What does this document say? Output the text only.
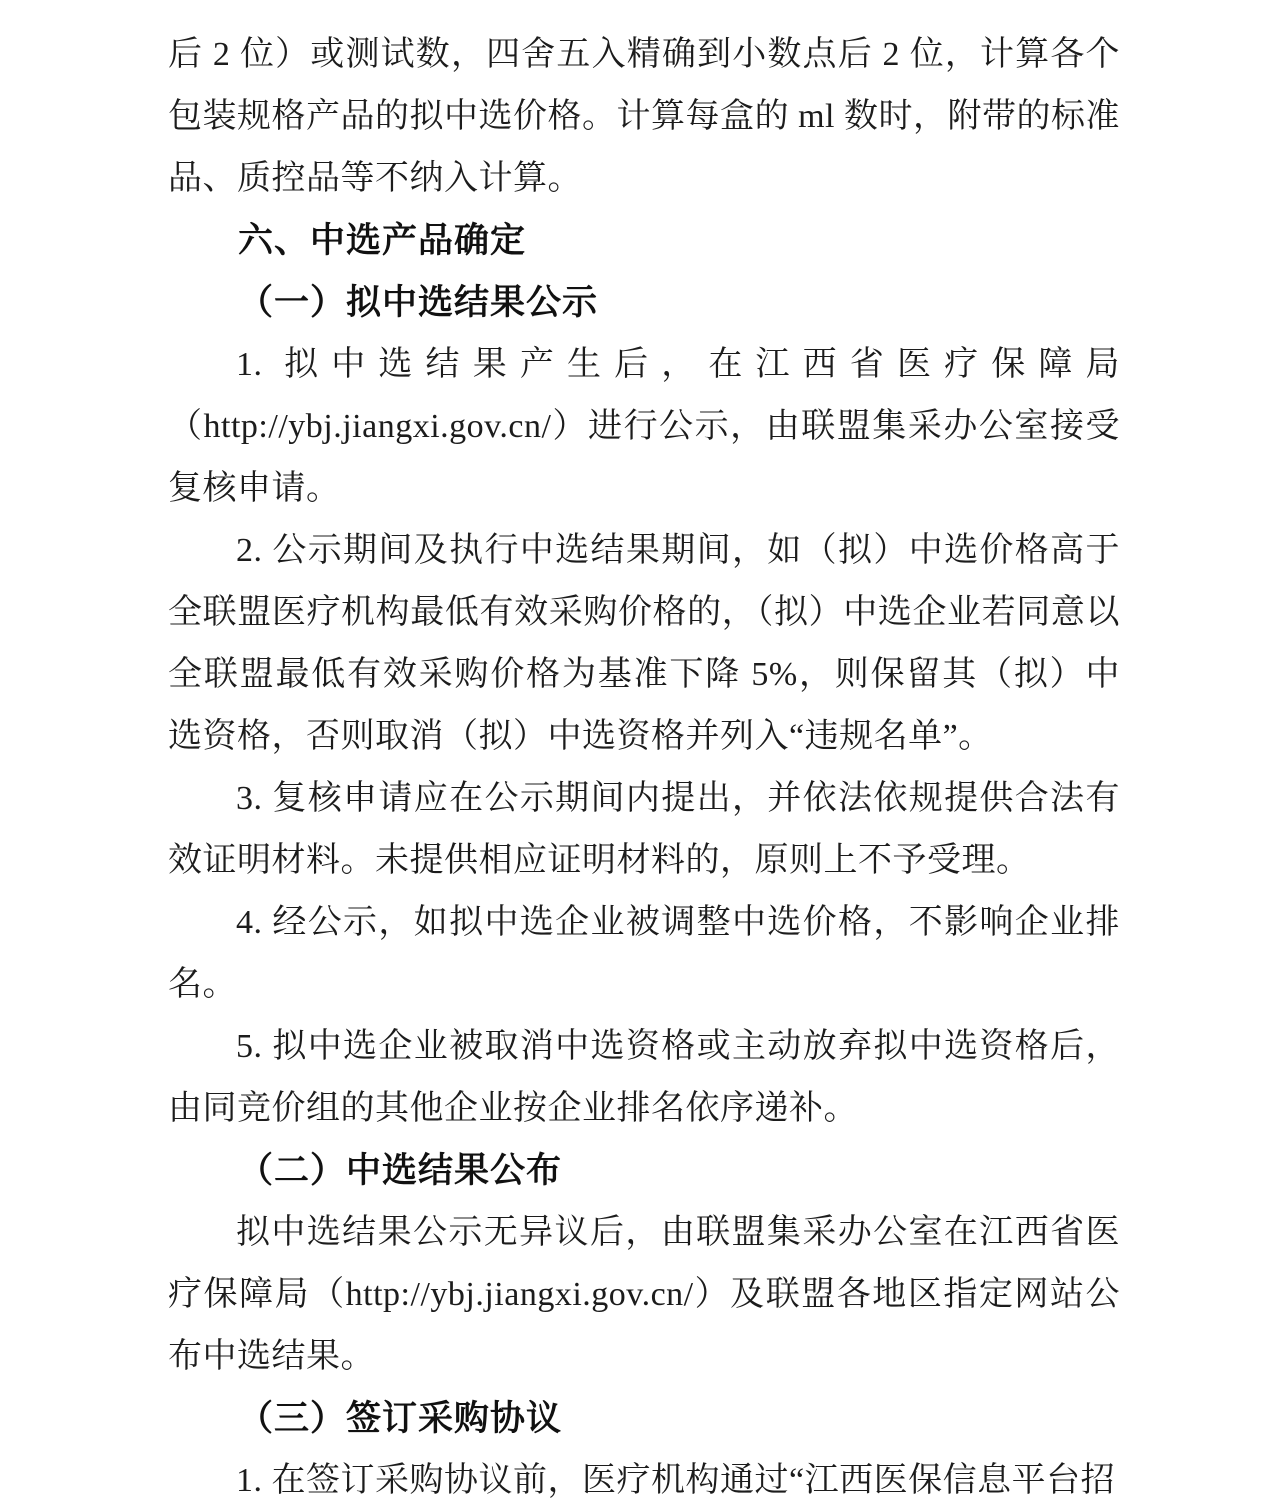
后 2 位）或测试数，四舍五入精确到小数点后 2 位，计算各个包装规格产品的拟中选价格。计算每盒的 ml 数时，附带的标准品、质控品等不纳入计算。

六、中选产品确定
（一）拟中选结果公示

1. 拟中选结果产生后，在江西省医疗保障局（http://ybj.jiangxi.gov.cn/）进行公示，由联盟集采办公室接受复核申请。

2. 公示期间及执行中选结果期间，如（拟）中选价格高于全联盟医疗机构最低有效采购价格的，（拟）中选企业若同意以全联盟最低有效采购价格为基准下降 5%，则保留其（拟）中选资格，否则取消（拟）中选资格并列入“违规名单”。

3. 复核申请应在公示期间内提出，并依法依规提供合法有效证明材料。未提供相应证明材料的，原则上不予受理。

4. 经公示，如拟中选企业被调整中选价格，不影响企业排名。

5. 拟中选企业被取消中选资格或主动放弃拟中选资格后，由同竞价组的其他企业按企业排名依序递补。

（二）中选结果公布

拟中选结果公示无异议后，由联盟集采办公室在江西省医疗保障局（http://ybj.jiangxi.gov.cn/）及联盟各地区指定网站公布中选结果。

（三）签订采购协议

1. 在签订采购协议前，医疗机构通过“江西医保信息平台招
